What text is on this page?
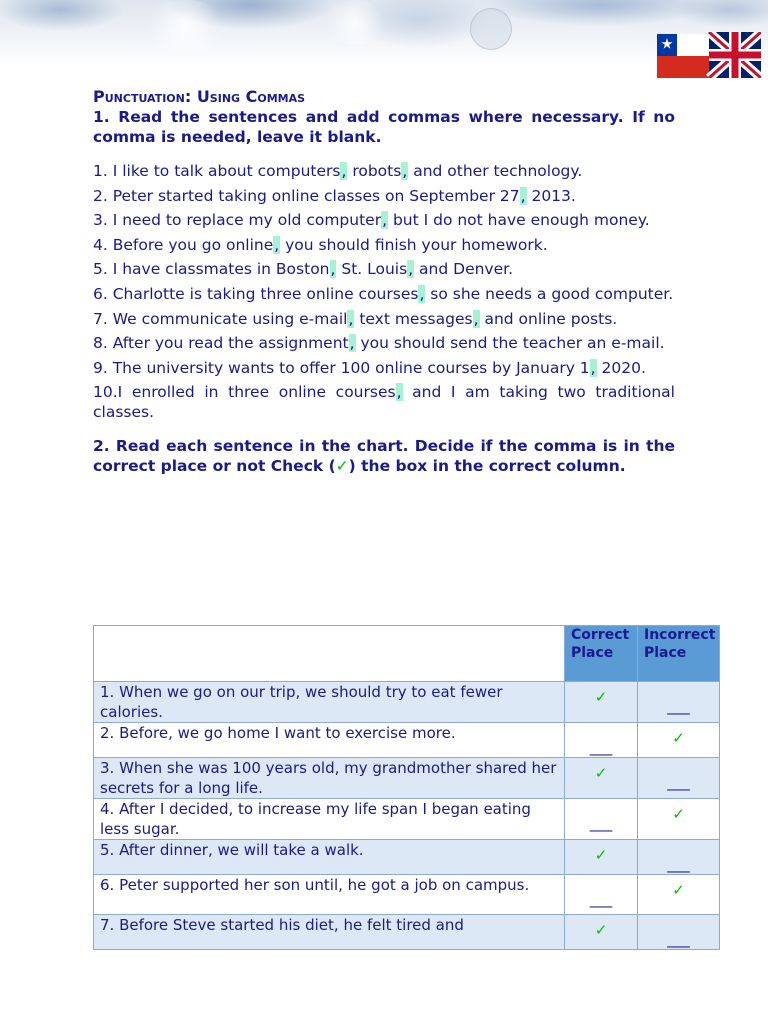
Punctuation: Using Commas

1. Read the sentences and add commas where necessary. If no comma is needed, leave it blank.

1. I like to talk about computers, robots, and other technology.

2. Peter started taking online classes on September 27, 2013.

3. I need to replace my old computer, but I do not have enough money.

4. Before you go online, you should finish your homework.

5. I have classmates in Boston, St. Louis, and Denver.

6. Charlotte is taking three online courses, so she needs a good computer.

7. We communicate using e-mail, text messages, and online posts.

8. After you read the assignment, you should send the teacher an e-mail.

9. The university wants to offer 100 online courses by January 1, 2020.

10.I enrolled in three online courses, and I am taking two traditional classes.

2. Read each sentence in the chart. Decide if the comma is in the correct place or not Check (✓) the box in the correct column.

	Correct Place	Incorrect Place
1. When we go on our trip, we should try to eat fewer calories.	✓	___
2. Before, we go home I want to exercise more.	___	✓
3. When she was 100 years old, my grandmother shared her secrets for a long life.	✓	___
4. After I decided, to increase my life span I began eating less sugar.	___	✓
5. After dinner, we will take a walk.	✓	___
6. Peter supported her son until, he got a job on campus.	___	✓
7. Before Steve started his diet, he felt tired and	✓	___
